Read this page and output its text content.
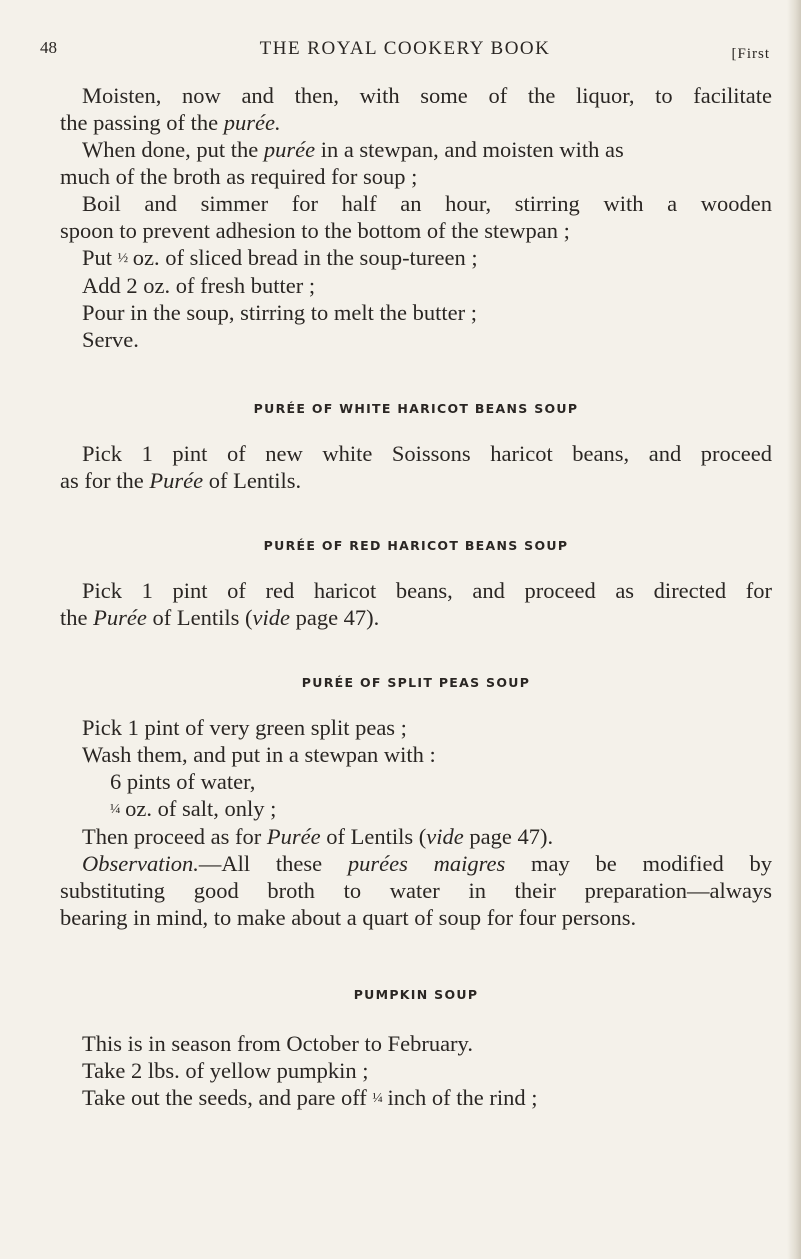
48	THE ROYAL COOKERY BOOK	[First
Moisten, now and then, with some of the liquor, to facilitate
the passing of the purée.
When done, put the purée in a stewpan, and moisten with as
much of the broth as required for soup ;
Boil and simmer for half an hour, stirring with a wooden
spoon to prevent adhesion to the bottom of the stewpan ;
Put ½ oz. of sliced bread in the soup-tureen ;
Add 2 oz. of fresh butter ;
Pour in the soup, stirring to melt the butter ;
Serve.
PURÉE OF WHITE HARICOT BEANS SOUP
Pick 1 pint of new white Soissons haricot beans, and proceed
as for the Purée of Lentils.
PURÉE OF RED HARICOT BEANS SOUP
Pick 1 pint of red haricot beans, and proceed as directed for
the Purée of Lentils (vide page 47).
PURÉE OF SPLIT PEAS SOUP
Pick 1 pint of very green split peas ;
Wash them, and put in a stewpan with :
6 pints of water,
¼ oz. of salt, only ;
Then proceed as for Purée of Lentils (vide page 47).
Observation.—All these purées maigres may be modified by
substituting good broth to water in their preparation—always
bearing in mind, to make about a quart of soup for four persons.
PUMPKIN SOUP
This is in season from October to February.
Take 2 lbs. of yellow pumpkin ;
Take out the seeds, and pare off ¼ inch of the rind ;
